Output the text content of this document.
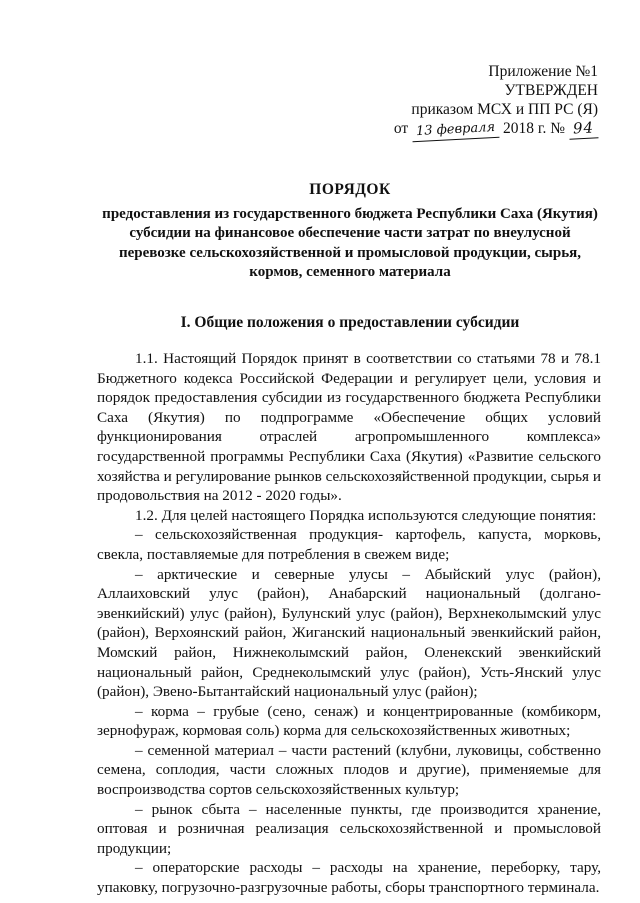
Приложение №1
УТВЕРЖДЕН
приказом МСХ и ПП РС (Я)
от 13 февраля 2018 г. № 94
ПОРЯДОК
предоставления из государственного бюджета Республики Саха (Якутия)
субсидии на финансовое обеспечение части затрат по внеулусной
перевозке сельскохозяйственной и промысловой продукции, сырья,
кормов, семенного материала
I. Общие положения о предоставлении субсидии

1.1. Настоящий Порядок принят в соответствии со статьями 78 и 78.1 Бюджетного кодекса Российской Федерации и регулирует цели, условия и порядок предоставления субсидии из государственного бюджета Республики Саха (Якутия) по подпрограмме «Обеспечение общих условий функционирования отраслей агропромышленного комплекса» государственной программы Республики Саха (Якутия) «Развитие сельского хозяйства и регулирование рынков сельскохозяйственной продукции, сырья и продовольствия на 2012 - 2020 годы».

1.2. Для целей настоящего Порядка используются следующие понятия:

– сельскохозяйственная продукция- картофель, капуста, морковь, свекла, поставляемые для потребления в свежем виде;

– арктические и северные улусы – Абыйский улус (район), Аллаиховский улус (район), Анабарский национальный (долгано-эвенкийский) улус (район), Булунский улус (район), Верхнеколымский улус (район), Верхоянский район, Жиганский национальный эвенкийский район, Момский район, Нижнеколымский район, Оленекский эвенкийский национальный район, Среднеколымский улус (район), Усть-Янский улус (район), Эвено-Бытантайский национальный улус (район);

– корма – грубые (сено, сенаж) и концентрированные (комбикорм, зернофураж, кормовая соль) корма для сельскохозяйственных животных;

– семенной материал – части растений (клубни, луковицы, собственно семена, соплодия, части сложных плодов и другие), применяемые для воспроизводства сортов сельскохозяйственных культур;

– рынок сбыта – населенные пункты, где производится хранение, оптовая и розничная реализация сельскохозяйственной и промысловой продукции;

– операторские расходы – расходы на хранение, переборку, тару, упаковку, погрузочно-разгрузочные работы, сборы транспортного терминала.
